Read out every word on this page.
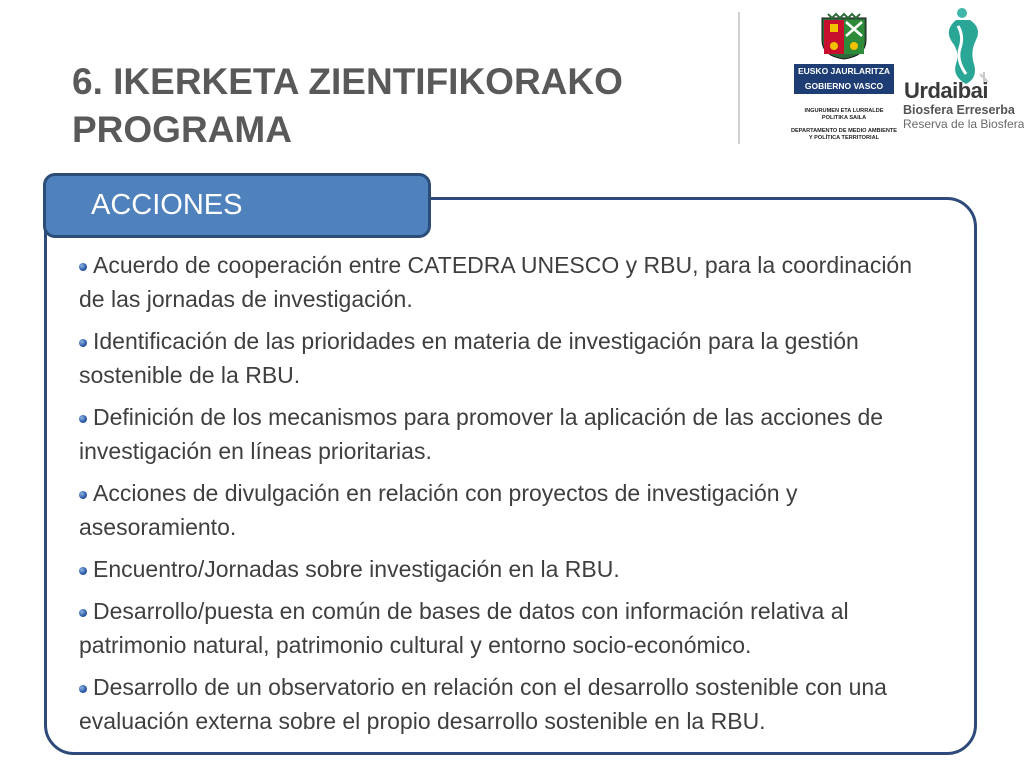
6. IKERKETA ZIENTIFIKORAKO
PROGRAMA
EUSKO JAURLARITZA
GOBIERNO VASCO
INGURUMEN ETA LURRALDE
POLITIKA SAILA
DEPARTAMENTO DE MEDIO AMBIENTE
Y POLÍTICA TERRITORIAL
Urdaibai
Biosfera Erreserba
Reserva de la Biosfera
ACCIONES
Acuerdo de cooperación entre CATEDRA UNESCO y RBU, para la coordinación
de las jornadas de investigación.
Identificación de las prioridades en materia de investigación para la gestión
sostenible de la RBU.
Definición de los mecanismos para promover la aplicación de las acciones de
investigación en líneas prioritarias.
Acciones de divulgación en relación con proyectos de investigación y
asesoramiento.
Encuentro/Jornadas sobre investigación en la RBU.
Desarrollo/puesta en común de bases de datos con información relativa al
patrimonio natural, patrimonio cultural y entorno socio-económico.
Desarrollo de un observatorio en relación con el desarrollo sostenible con una
evaluación externa sobre el propio desarrollo sostenible en la RBU.
